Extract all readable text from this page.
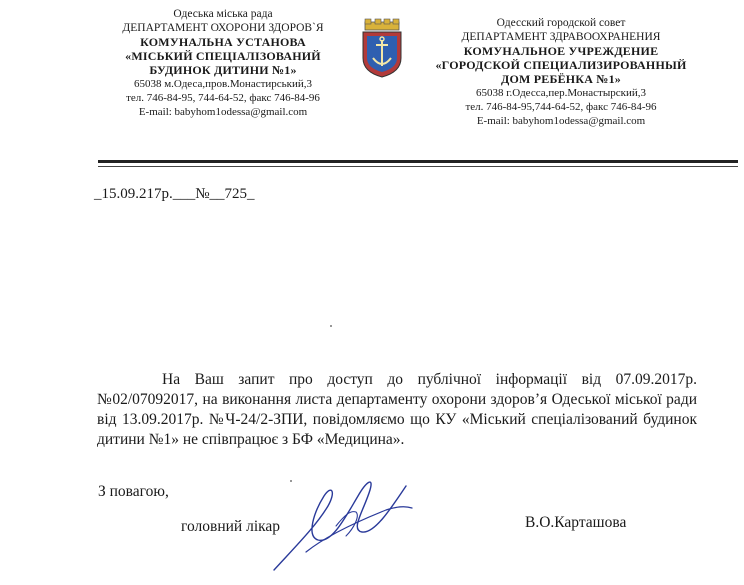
Одеська міська рада
ДЕПАРТАМЕНТ ОХОРОНИ ЗДОРОВ`Я
КОМУНАЛЬНА УСТАНОВА
«МІСЬКИЙ СПЕЦІАЛІЗОВАНИЙ
БУДИНОК ДИТИНИ №1»
65038 м.Одеса,пров.Монастирський,3
тел. 746-84-95, 744-64-52, факс 746-84-96
E-mail: babyhom1odessa@gmail.com
Одесский городской совет
ДЕПАРТАМЕНТ ЗДРАВООХРАНЕНИЯ
КОМУНАЛЬНОЕ УЧРЕЖДЕНИЕ
«ГОРОДСКОЙ СПЕЦИАЛИЗИРОВАННЫЙ
ДОМ РЕБЁНКА №1»
65038 г.Одесса,пер.Монастырский,3
тел. 746-84-95,744-64-52, факс 746-84-96
E-mail: babyhom1odessa@gmail.com
_15.09.217р.___№__725_
На Ваш запит про доступ до публічної інформації від 07.09.2017р. №02/07092017, на виконання листа департаменту охорони здоров’я Одеської міської ради від 13.09.2017р. №Ч-24/2-ЗПИ, повідомляємо що КУ «Міський спеціалізований будинок дитини №1» не співпрацює з БФ «Медицина».
З повагою,
головний лікар	В.О.Карташова
